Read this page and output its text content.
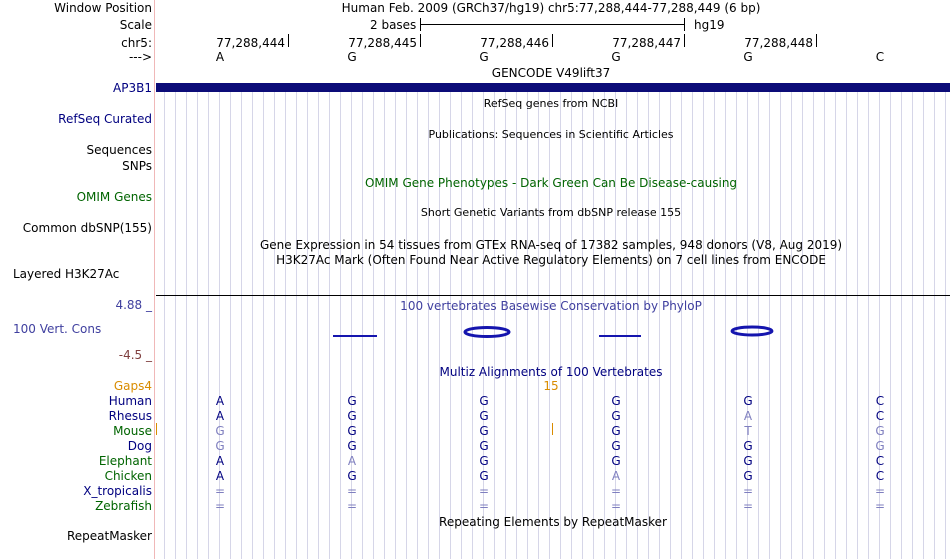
Window Position	Human Feb. 2009 (GRCh37/hg19) chr5:77,288,444-77,288,449 (6 bp)
Scale	2 bases	hg19
chr5:	77,288,444	77,288,445	77,288,446	77,288,447	77,288,448
--->	A	G	G	G	G	C
GENCODE V49lift37
AP3B1
RefSeq genes from NCBI
RefSeq Curated
Publications: Sequences in Scientific Articles
Sequences
SNPs
OMIM Gene Phenotypes - Dark Green Can Be Disease-causing
OMIM Genes
Short Genetic Variants from dbSNP release 155
Common dbSNP(155)
Gene Expression in 54 tissues from GTEx RNA-seq of 17382 samples, 948 donors (V8, Aug 2019)
H3K27Ac Mark (Often Found Near Active Regulatory Elements) on 7 cell lines from ENCODE
Layered H3K27Ac
4.88 _	100 vertebrates Basewise Conservation by PhyloP
100 Vert. Cons
-4.5 _
Multiz Alignments of 100 Vertebrates
Gaps4	15
Human	A	G	G	G	G	C
Rhesus	A	G	G	G	A	C
Mouse	G	G	G	G	T	G
Dog	G	G	G	G	G	G
Elephant	A	A	G	G	G	C
Chicken	A	G	G	A	G	C
X_tropicalis	=	=	=	=	=	=
Zebrafish	=	=	=	=	=	=
Repeating Elements by RepeatMasker
RepeatMasker
